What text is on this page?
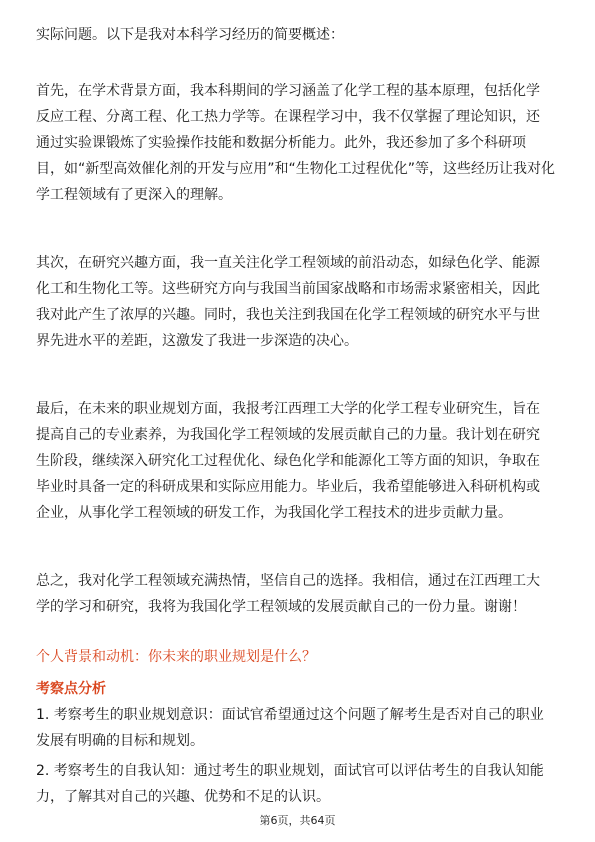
实际问题。以下是我对本科学习经历的简要概述：

首先，在学术背景方面，我本科期间的学习涵盖了化学工程的基本原理，包括化学
反应工程、分离工程、化工热力学等。在课程学习中，我不仅掌握了理论知识，还
通过实验课锻炼了实验操作技能和数据分析能力。此外，我还参加了多个科研项
目，如“新型高效催化剂的开发与应用”和“生物化工过程优化”等，这些经历让我对化
学工程领域有了更深入的理解。

其次，在研究兴趣方面，我一直关注化学工程领域的前沿动态，如绿色化学、能源
化工和生物化工等。这些研究方向与我国当前国家战略和市场需求紧密相关，因此
我对此产生了浓厚的兴趣。同时，我也关注到我国在化学工程领域的研究水平与世
界先进水平的差距，这激发了我进一步深造的决心。

最后，在未来的职业规划方面，我报考江西理工大学的化学工程专业研究生，旨在
提高自己的专业素养，为我国化学工程领域的发展贡献自己的力量。我计划在研究
生阶段，继续深入研究化工过程优化、绿色化学和能源化工等方面的知识，争取在
毕业时具备一定的科研成果和实际应用能力。毕业后，我希望能够进入科研机构或
企业，从事化学工程领域的研发工作，为我国化学工程技术的进步贡献力量。

总之，我对化学工程领域充满热情，坚信自己的选择。我相信，通过在江西理工大
学的学习和研究，我将为我国化学工程领域的发展贡献自己的一份力量。谢谢！

个人背景和动机：你未来的职业规划是什么？
考察点分析

1. 考察考生的职业规划意识：面试官希望通过这个问题了解考生是否对自己的职业
发展有明确的目标和规划。

2. 考察考生的自我认知：通过考生的职业规划，面试官可以评估考生的自我认知能
力，了解其对自己的兴趣、优势和不足的认识。

第6页，共64页
